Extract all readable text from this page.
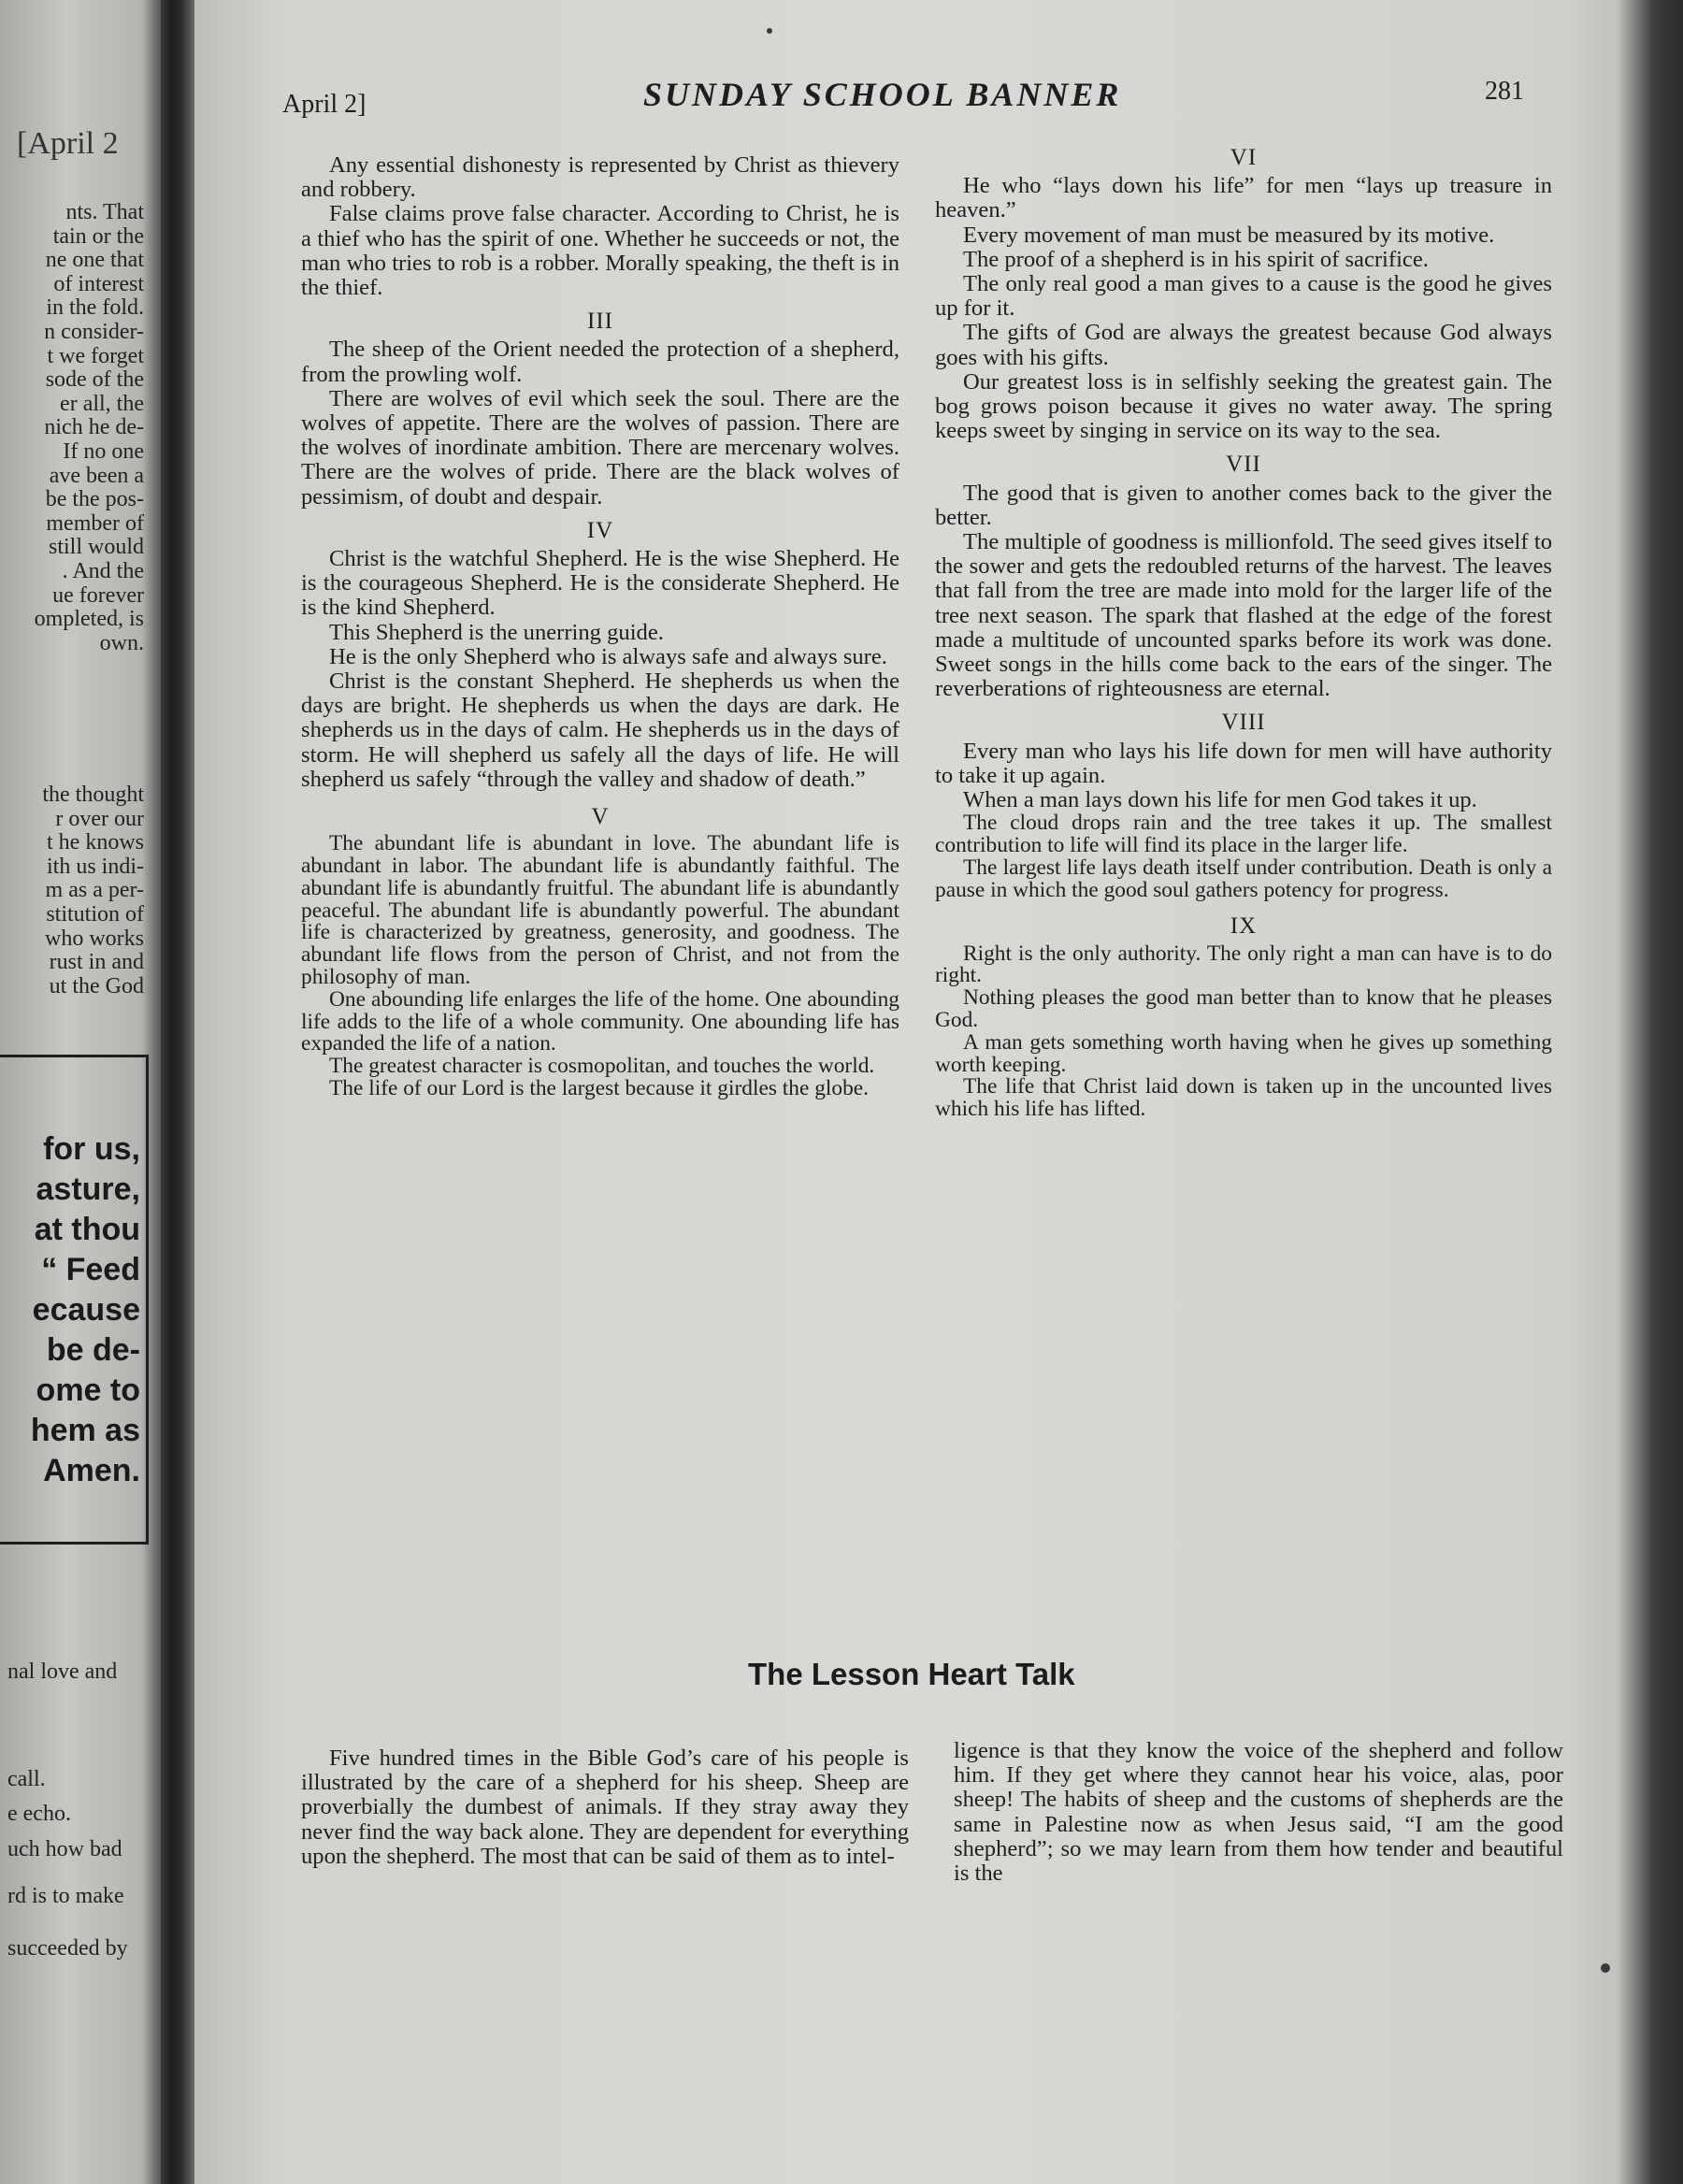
[April 2
nts. That
tain or the
ne one that
of interest
in the fold.
n consider-
t we forget
sode of the
er all, the
nich he de-
If no one
ave been a
be the pos-
member of
still would
. And the
ue forever
ompleted, is
own.
the thought
r over our
t he knows
ith us indi-
m as a per-
stitution of
who works
rust in and
ut the God
for us,
asture,
at thou
“ Feed
ecause
be de-
ome to
hem as
Amen.
nal love and
call.
e echo.
uch how bad
rd is to make
succeeded by
April 2]	SUNDAY SCHOOL BANNER	281

Any essential dishonesty is represented by Christ as thievery and robbery.

False claims prove false character. According to Christ, he is a thief who has the spirit of one. Whether he succeeds or not, the man who tries to rob is a robber. Morally speaking, the theft is in the thief.

III

The sheep of the Orient needed the protection of a shepherd, from the prowling wolf.

There are wolves of evil which seek the soul. There are the wolves of appetite. There are the wolves of passion. There are the wolves of inordinate ambition. There are mercenary wolves. There are the wolves of pride. There are the black wolves of pessimism, of doubt and despair.

IV

Christ is the watchful Shepherd. He is the wise Shepherd. He is the courageous Shepherd. He is the considerate Shepherd. He is the kind Shepherd.

This Shepherd is the unerring guide.

He is the only Shepherd who is always safe and always sure.

Christ is the constant Shepherd. He shepherds us when the days are bright. He shepherds us when the days are dark. He shepherds us in the days of calm. He shepherds us in the days of storm. He will shepherd us safely all the days of life. He will shepherd us safely “through the valley and shadow of death.”

V

The abundant life is abundant in love. The abundant life is abundant in labor. The abundant life is abundantly faithful. The abundant life is abundantly fruitful. The abundant life is abundantly peaceful. The abundant life is abundantly powerful. The abundant life is characterized by greatness, generosity, and goodness. The abundant life flows from the person of Christ, and not from the philosophy of man.

One abounding life enlarges the life of the home. One abounding life adds to the life of a whole community. One abounding life has expanded the life of a nation.

The greatest character is cosmopolitan, and touches the world.

The life of our Lord is the largest because it girdles the globe.

VI

He who “lays down his life” for men “lays up treasure in heaven.”

Every movement of man must be measured by its motive.

The proof of a shepherd is in his spirit of sacrifice.

The only real good a man gives to a cause is the good he gives up for it.

The gifts of God are always the greatest because God always goes with his gifts.

Our greatest loss is in selfishly seeking the greatest gain. The bog grows poison because it gives no water away. The spring keeps sweet by singing in service on its way to the sea.

VII

The good that is given to another comes back to the giver the better.

The multiple of goodness is millionfold. The seed gives itself to the sower and gets the redoubled returns of the harvest. The leaves that fall from the tree are made into mold for the larger life of the tree next season. The spark that flashed at the edge of the forest made a multitude of uncounted sparks before its work was done. Sweet songs in the hills come back to the ears of the singer. The reverberations of righteousness are eternal.

VIII

Every man who lays his life down for men will have authority to take it up again.

When a man lays down his life for men God takes it up.

The cloud drops rain and the tree takes it up. The smallest contribution to life will find its place in the larger life.

The largest life lays death itself under contribution. Death is only a pause in which the good soul gathers potency for progress.

IX

Right is the only authority. The only right a man can have is to do right.

Nothing pleases the good man better than to know that he pleases God.

A man gets something worth having when he gives up something worth keeping.

The life that Christ laid down is taken up in the uncounted lives which his life has lifted.

The Lesson Heart Talk

Five hundred times in the Bible God’s care of his people is illustrated by the care of a shepherd for his sheep. Sheep are proverbially the dumbest of animals. If they stray away they never find the way back alone. They are dependent for everything upon the shepherd. The most that can be said of them as to intel-

ligence is that they know the voice of the shepherd and follow him. If they get where they cannot hear his voice, alas, poor sheep! The habits of sheep and the customs of shepherds are the same in Palestine now as when Jesus said, “I am the good shepherd”; so we may learn from them how tender and beautiful is the
